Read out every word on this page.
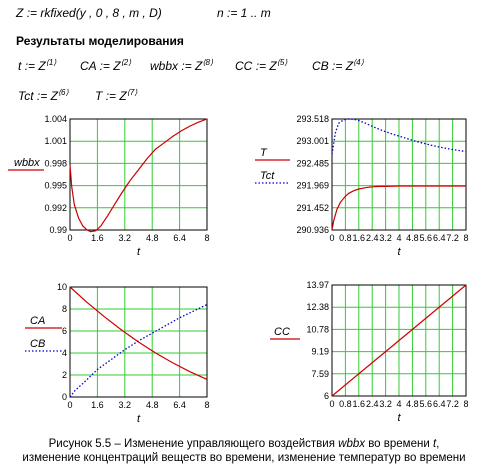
Z := rkfixed(y , 0 , 8 , m , D)	n := 1 .. m
Результаты моделирования
t := $Z^{⟨1⟩}$ CA := $Z^{⟨2⟩}$ wbbx := $Z^{⟨8⟩}$ CC := $Z^{⟨5⟩}$ CB := $Z^{⟨4⟩}$
Tct := $Z^{⟨6⟩}$ T := $Z^{⟨7⟩}$
0 1.6 3.2 4.8 6.4 8
1.004
1.001
0.998
0.995
0.992
0.99
t
wbbx
0 0.8 1.6 2.4 3.2 4 4.8 5.6 6.4 7.2 8
293.518
293.001
292.485
291.969
291.452
290.936
t
T
Tct
0 1.6 3.2 4.8 6.4 8
10
8
6
4
2
0
t
CA
CB
0 0.8 1.6 2.4 3.2 4 4.8 5.6 6.4 7.2 8
13.97
12.38
10.78
9.19
7.59
6
t
CC
Рисунок 5.5 – Изменение управляющего воздействия wbbx во времени t,
изменение концентраций веществ во времени, изменение температур во времени
